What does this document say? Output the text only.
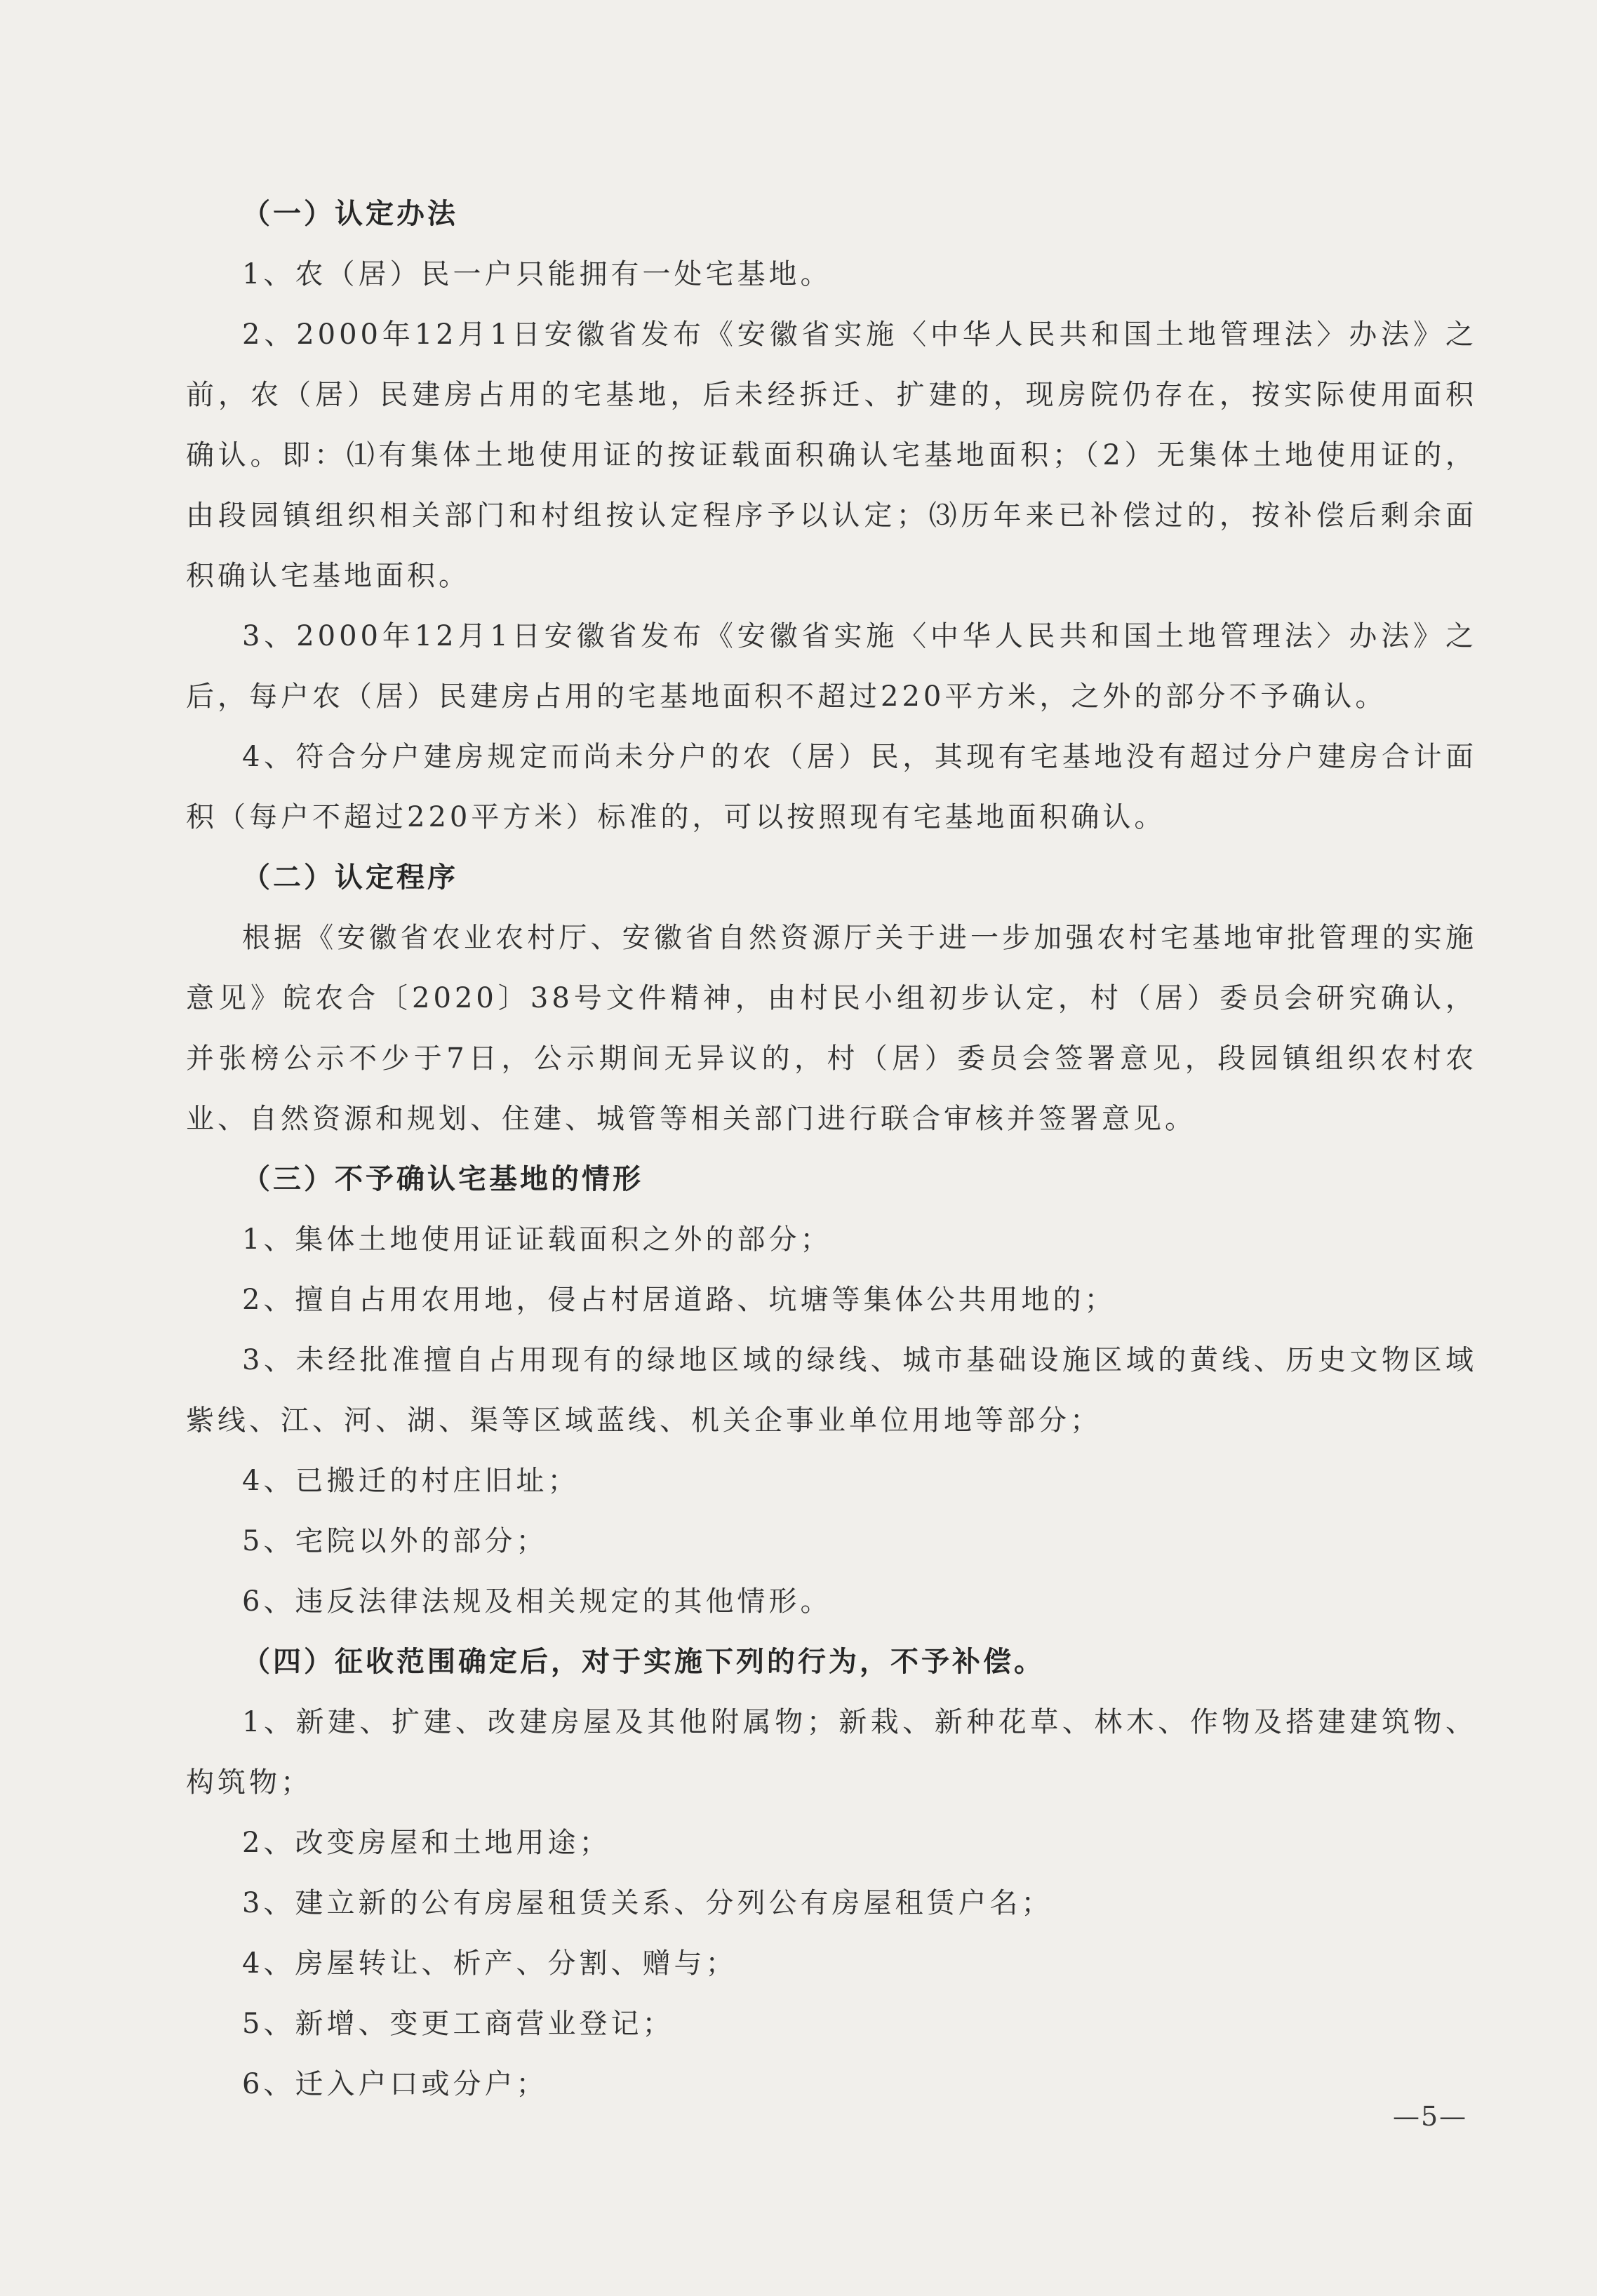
（一）认定办法

1、农（居）民一户只能拥有一处宅基地。

2、2000年12月1日安徽省发布《安徽省实施〈中华人民共和国土地管理法〉办法》之前，农（居）民建房占用的宅基地，后未经拆迁、扩建的，现房院仍存在，按实际使用面积确认。即：⑴有集体土地使用证的按证载面积确认宅基地面积；（2）无集体土地使用证的，由段园镇组织相关部门和村组按认定程序予以认定；⑶历年来已补偿过的，按补偿后剩余面积确认宅基地面积。

3、2000年12月1日安徽省发布《安徽省实施〈中华人民共和国土地管理法〉办法》之后，每户农（居）民建房占用的宅基地面积不超过220平方米，之外的部分不予确认。

4、符合分户建房规定而尚未分户的农（居）民，其现有宅基地没有超过分户建房合计面积（每户不超过220平方米）标准的，可以按照现有宅基地面积确认。

（二）认定程序

根据《安徽省农业农村厅、安徽省自然资源厅关于进一步加强农村宅基地审批管理的实施意见》皖农合〔2020〕38号文件精神，由村民小组初步认定，村（居）委员会研究确认，并张榜公示不少于7日，公示期间无异议的，村（居）委员会签署意见，段园镇组织农村农业、自然资源和规划、住建、城管等相关部门进行联合审核并签署意见。

（三）不予确认宅基地的情形

1、集体土地使用证证载面积之外的部分；

2、擅自占用农用地，侵占村居道路、坑塘等集体公共用地的；

3、未经批准擅自占用现有的绿地区域的绿线、城市基础设施区域的黄线、历史文物区域紫线、江、河、湖、渠等区域蓝线、机关企事业单位用地等部分；

4、已搬迁的村庄旧址；

5、宅院以外的部分；

6、违反法律法规及相关规定的其他情形。

（四）征收范围确定后，对于实施下列的行为，不予补偿。

1、新建、扩建、改建房屋及其他附属物；新栽、新种花草、林木、作物及搭建建筑物、构筑物；

2、改变房屋和土地用途；

3、建立新的公有房屋租赁关系、分列公有房屋租赁户名；

4、房屋转让、析产、分割、赠与；

5、新增、变更工商营业登记；

6、迁入户口或分户；

—5—
